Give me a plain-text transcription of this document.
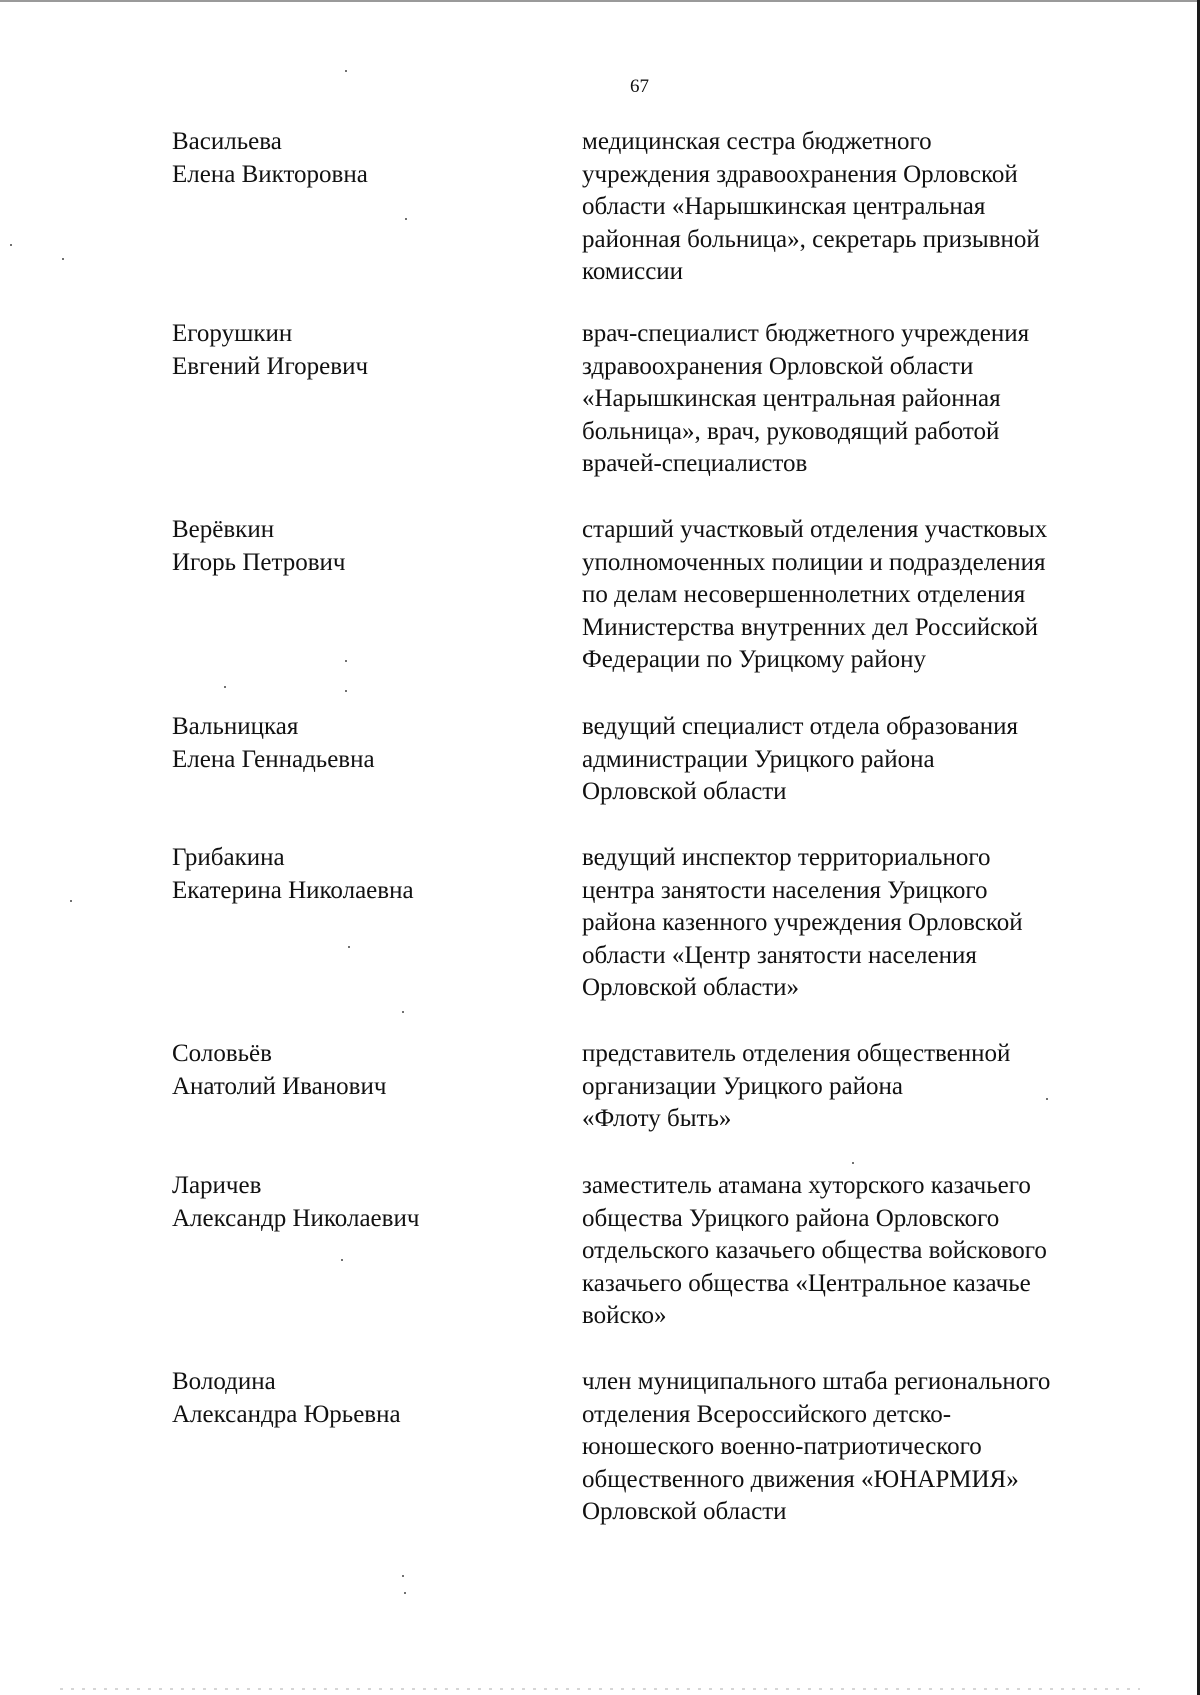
67
Васильева
Елена Викторовна
медицинская сестра бюджетного
учреждения здравоохранения Орловской
области «Нарышкинская центральная
районная больница», секретарь призывной
комиссии
Егорушкин
Евгений Игоревич
врач-специалист бюджетного учреждения
здравоохранения Орловской области
«Нарышкинская центральная районная
больница», врач, руководящий работой
врачей-специалистов
Верёвкин
Игорь Петрович
старший участковый отделения участковых
уполномоченных полиции и подразделения
по делам несовершеннолетних отделения
Министерства внутренних дел Российской
Федерации по Урицкому району
Вальницкая
Елена Геннадьевна
ведущий специалист отдела образования
администрации Урицкого района
Орловской области
Грибакина
Екатерина Николаевна
ведущий инспектор территориального
центра занятости населения Урицкого
района казенного учреждения Орловской
области «Центр занятости населения
Орловской области»
Соловьёв
Анатолий Иванович
представитель отделения общественной
организации Урицкого района
«Флоту быть»
Ларичев
Александр Николаевич
заместитель атамана хуторского казачьего
общества Урицкого района Орловского
отдельского казачьего общества войскового
казачьего общества «Центральное казачье
войско»
Володина
Александра Юрьевна
член муниципального штаба регионального
отделения Всероссийского детско-
юношеского военно-патриотического
общественного движения «ЮНАРМИЯ»
Орловской области
